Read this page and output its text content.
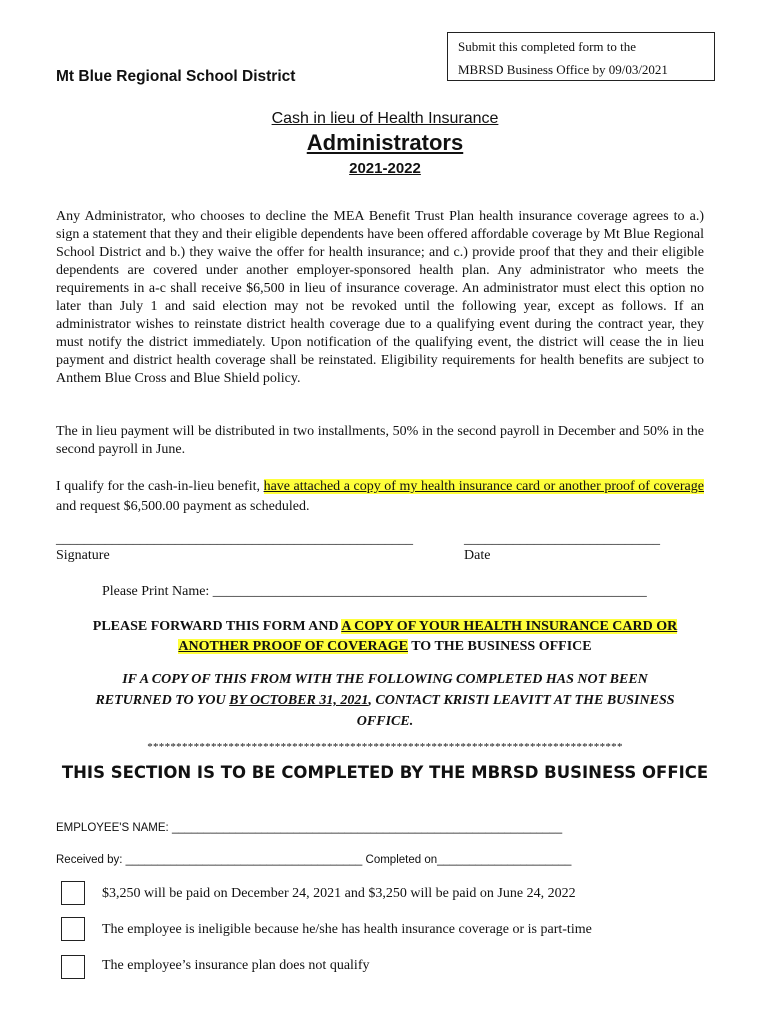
Submit this completed form to the
MBRSD Business Office by 09/03/2021
Mt Blue Regional School District
Cash in lieu of Health Insurance
Administrators
2021-2022
Any Administrator, who chooses to decline the MEA Benefit Trust Plan health insurance coverage agrees to a.) sign a statement that they and their eligible dependents have been offered affordable coverage by Mt Blue Regional School District and b.) they waive the offer for health insurance; and c.) provide proof that they and their eligible dependents are covered under another employer-sponsored health plan. Any administrator who meets the requirements in a-c shall receive $6,500 in lieu of insurance coverage. An administrator must elect this option no later than July 1 and said election may not be revoked until the following year, except as follows. If an administrator wishes to reinstate district health coverage due to a qualifying event during the contract year, they must notify the district immediately. Upon notification of the qualifying event, the district will cease the in lieu payment and district health coverage shall be reinstated. Eligibility requirements for health benefits are subject to Anthem Blue Cross and Blue Shield policy.
The in lieu payment will be distributed in two installments, 50% in the second payroll in December and 50% in the second payroll in June.
I qualify for the cash-in-lieu benefit, have attached a copy of my health insurance card or another proof of coverage and request $6,500.00 payment as scheduled.
___________________________________________________	____________________________
Signature	Date
Please Print Name: ______________________________________________________________
PLEASE FORWARD THIS FORM AND A COPY OF YOUR HEALTH INSURANCE CARD OR
ANOTHER PROOF OF COVERAGE TO THE BUSINESS OFFICE
IF A COPY OF THIS FROM WITH THE FOLLOWING COMPLETED HAS NOT BEEN
RETURNED TO YOU BY OCTOBER 31, 2021, CONTACT KRISTI LEAVITT AT THE BUSINESS
OFFICE.
**********************************************************************************
THIS SECTION IS TO BE COMPLETED BY THE MBRSD BUSINESS OFFICE
EMPLOYEE'S NAME: _____________________________________________________________
Received by: _____________________________________ Completed on_____________________
$3,250 will be paid on December 24, 2021 and $3,250 will be paid on June 24, 2022
The employee is ineligible because he/she has health insurance coverage or is part-time
The employee’s insurance plan does not qualify
